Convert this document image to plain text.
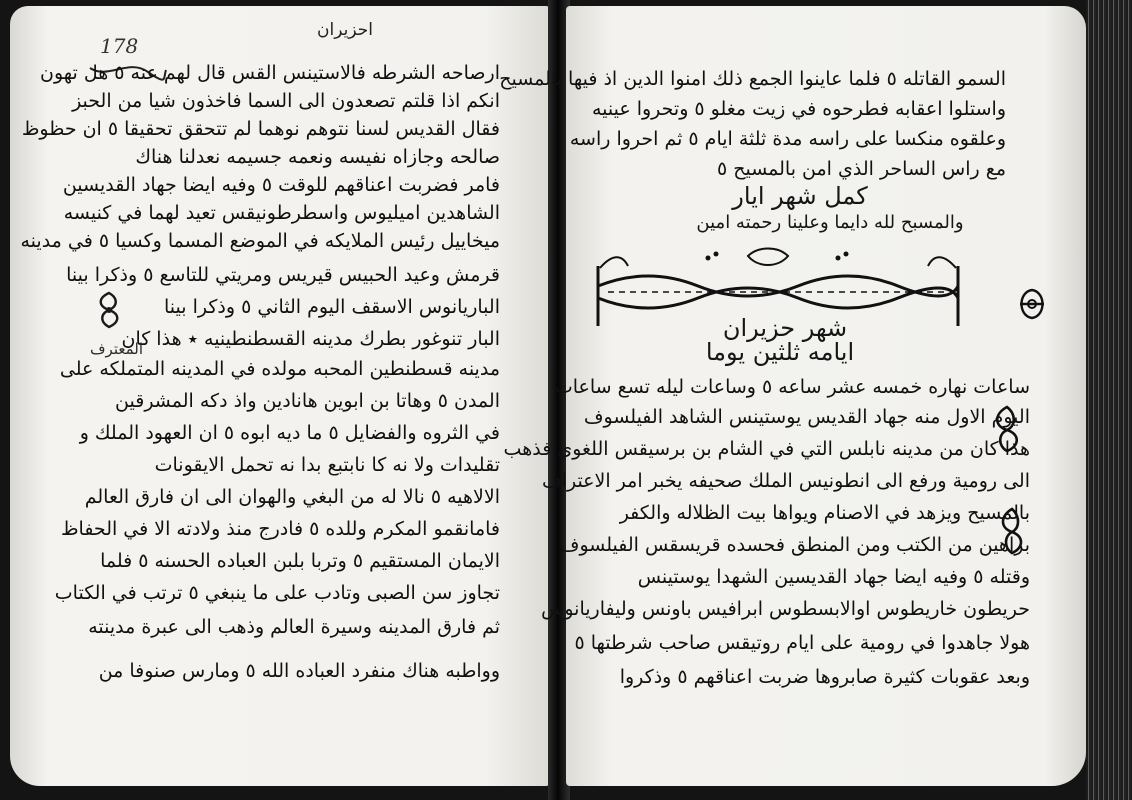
178
احزيران
ارصاحه الشرطه فالاستينس القس قال لهم عنه ٥ هل تهون
انكم اذا قلتم تصعدون الى السما فاخذون شيا من الحبز
فقال القديس لسنا نتوهم نوهما لم تتحقق تحقيقا ٥ ان حظوظ
صالحه وجازاه نفيسه ونعمه جسيمه نعدلنا هناك
فامر فضربت اعناقهم للوقت ٥ وفيه ايضا جهاد القديسين
الشاهدين اميليوس واسطرطونيقس تعيد لهما في كنيسه
ميخاييل رئيس الملايكه في الموضع المسما وكسيا ٥ في مدينه
قرمش وعيد الحبيس قيريس ومريتي للتاسع ٥ وذكرا بينا
الباريانوس الاسقف اليوم الثاني ٥ وذكرا بينا
البار تنوغور بطرك مدينه القسطنطينيه ٭ هذا كان
مدينه قسطنطين المحبه مولده في المدينه المتملكه على
المدن ٥ وهاتا بن ابوين هانادين واذ دكه المشرقين
في الثروه والفضايل ٥ ما ديه ابوه ٥ ان العهود الملك و
تقليدات ولا نه كا نابتبع بدا نه تحمل الايقونات
الالاهيه ٥ نالا له من البغي والهوان الى ان فارق العالم
فامانقمو المكرم وللده ٥ فادرج منذ ولادته الا في الحفاظ
الايمان المستقيم ٥ وتربا بلبن العباده الحسنه ٥ فلما
تجاوز سن الصبى وتادب على ما ينبغي ٥ ترتب في الكتاب
ثم فارق المدينه وسيرة العالم وذهب الى عبرة مدينته
وواطبه هناك منفرد العباده الله ٥ ومارس صنوفا من
المعترف
السمو القاتله ٥ فلما عاينوا الجمع ذلك امنوا الدين اذ فيها بالمسيح
واستلوا اعقابه فطرحوه في زيت مغلو ٥ وتحروا عينيه
وعلقوه منكسا على راسه مدة ثلثة ايام ٥ ثم احروا راسه
مع راس الساحر الذي امن بالمسيح ٥
كمل شهر ايار
والمسبح لله دايما وعلينا رحمته امين
شهر حزيران
ايامه ثلثين يوما
ساعات نهاره خمسه عشر ساعه ٥ وساعات ليله تسع ساعات
اليوم الاول منه جهاد القديس يوستينس الشاهد الفيلسوف
هذا كان من مدينه نابلس التي في الشام بن برسيقس اللغوي فذهب
الى رومية ورفع الى انطونيس الملك صحيفه يخبر امر الاعتراف
بالمسيح ويزهد في الاصنام ويواها بيت الظلاله والكفر
براهين من الكتب ومن المنطق فحسده قريسقس الفيلسوف
وقتله ٥ وفيه ايضا جهاد القديسين الشهدا يوستينس
حريطون خاريطوس اوالابسطوس ابرافيس باونس وليفاريانوس
هولا جاهدوا في رومية على ايام روتيقس صاحب شرطتها ٥
وبعد عقوبات كثيرة صابروها ضربت اعناقهم ٥ وذكروا
